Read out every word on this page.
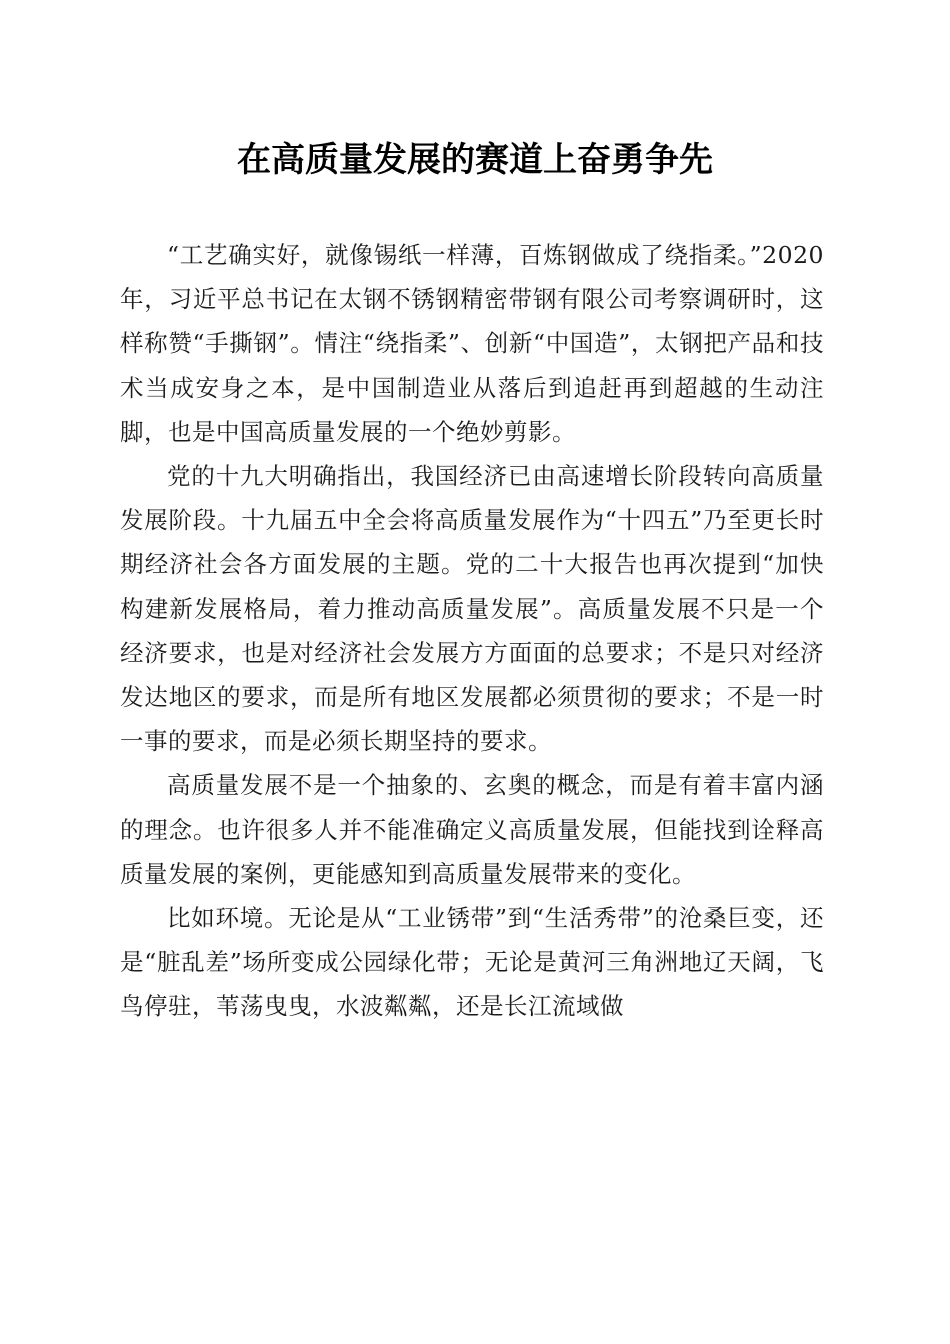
在高质量发展的赛道上奋勇争先

“工艺确实好，就像锡纸一样薄，百炼钢做成了绕指柔。”2020年，习近平总书记在太钢不锈钢精密带钢有限公司考察调研时，这样称赞“手撕钢”。情注“绕指柔”、创新“中国造”，太钢把产品和技术当成安身之本，是中国制造业从落后到追赶再到超越的生动注脚，也是中国高质量发展的一个绝妙剪影。

党的十九大明确指出，我国经济已由高速增长阶段转向高质量发展阶段。十九届五中全会将高质量发展作为“十四五”乃至更长时期经济社会各方面发展的主题。党的二十大报告也再次提到“加快构建新发展格局，着力推动高质量发展”。高质量发展不只是一个经济要求，也是对经济社会发展方方面面的总要求；不是只对经济发达地区的要求，而是所有地区发展都必须贯彻的要求；不是一时一事的要求，而是必须长期坚持的要求。

高质量发展不是一个抽象的、玄奥的概念，而是有着丰富内涵的理念。也许很多人并不能准确定义高质量发展，但能找到诠释高质量发展的案例，更能感知到高质量发展带来的变化。

比如环境。无论是从“工业锈带”到“生活秀带”的沧桑巨变，还是“脏乱差”场所变成公园绿化带；无论是黄河三角洲地辽天阔，飞鸟停驻，苇荡曳曳，水波粼粼，还是长江流域做
